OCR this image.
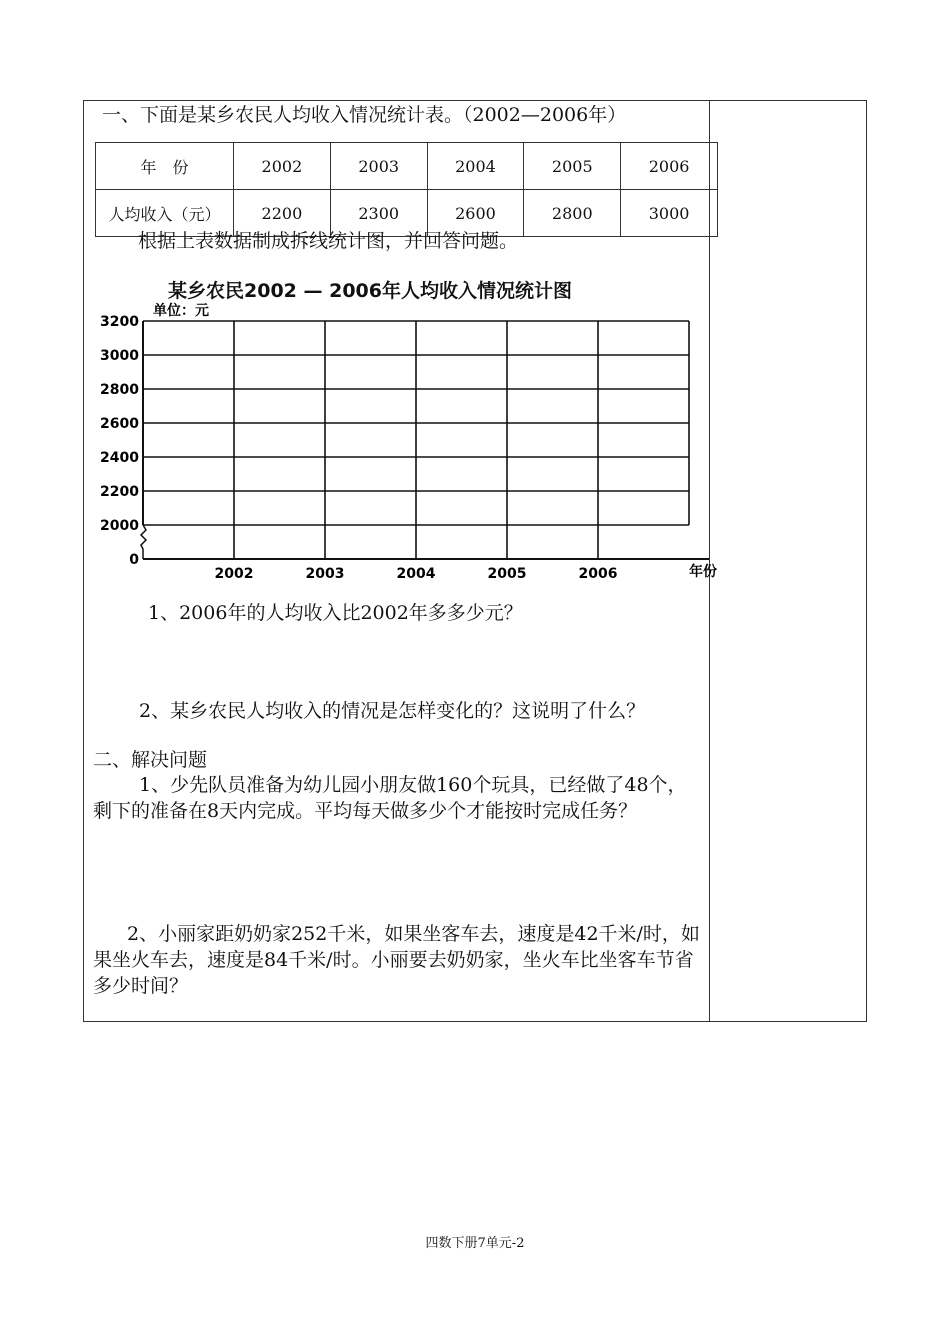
一、下面是某乡农民人均收入情况统计表。（2002—2006年）
年　份	2002	2003	2004	2005	2006
人均收入（元）	2200	2300	2600	2800	3000
根据上表数据制成拆线统计图，并回答问题。
某乡农民2002 — 2006年人均收入情况统计图
单位：元
0
2000
2200
2400
2600
2800
3000
3200
2002	2003	2004	2005	2006	年份
1、2006年的人均收入比2002年多多少元？
2、某乡农民人均收入的情况是怎样变化的？这说明了什么？
二、解决问题
1、少先队员准备为幼儿园小朋友做160个玩具，已经做了48个，剩下的准备在8天内完成。平均每天做多少个才能按时完成任务？
2、小丽家距奶奶家252千米，如果坐客车去，速度是42千米/时，如果坐火车去，速度是84千米/时。小丽要去奶奶家，坐火车比坐客车节省多少时间？
四数下册7单元-2
